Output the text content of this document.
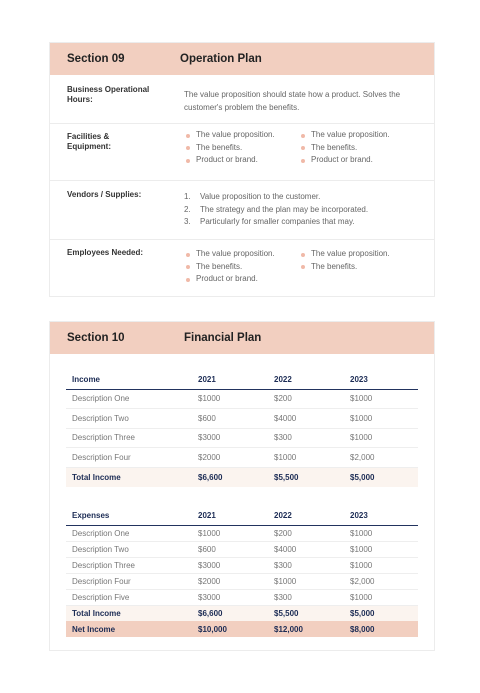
Section 09	Operation Plan
Business Operational Hours:
The value proposition should state how a product. Solves the customer's problem the benefits.
Facilities & Equipment:
The value proposition.
The benefits.
Product or brand.
The value proposition.
The benefits.
Product or brand.
Vendors / Supplies:	1.	Value proposition to the customer.
2.	The strategy and the plan may be incorporated.
3.	Particularly for smaller companies that may.
Employees Needed:	The value proposition.
The benefits.
Product or brand.
The value proposition.
The benefits.
Section 10	Financial Plan
Income	2021	2022	2023
Description One	$1000	$200	$1000
Description Two	$600	$4000	$1000
Description Three	$3000	$300	$1000
Description Four	$2000	$1000	$2,000
Total Income	$6,600	$5,500	$5,000
Expenses	2021	2022	2023
Description One	$1000	$200	$1000
Description Two	$600	$4000	$1000
Description Three	$3000	$300	$1000
Description Four	$2000	$1000	$2,000
Description Five	$3000	$300	$1000
Total Income	$6,600	$5,500	$5,000
Net Income	$10,000	$12,000	$8,000
